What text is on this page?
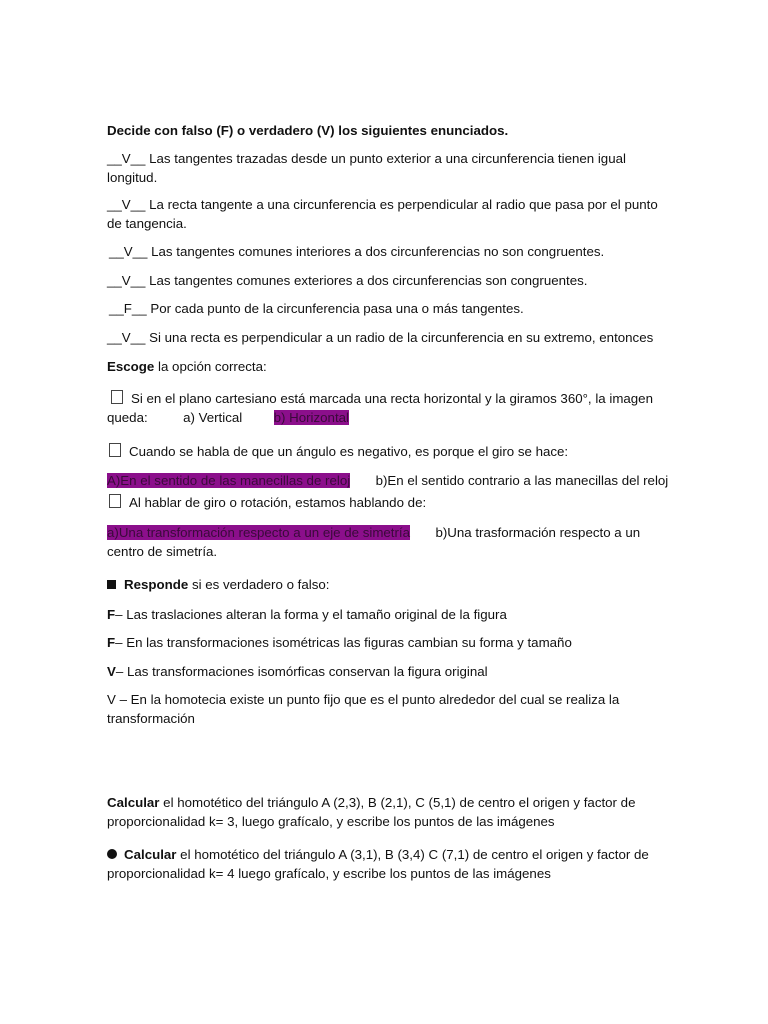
Decide con falso (F) o verdadero (V) los siguientes enunciados.
__V__ Las tangentes trazadas desde un punto exterior a una circunferencia tienen igual
longitud.
__V__ La recta tangente a una circunferencia es perpendicular al radio que pasa por el punto
de tangencia.
__V__ Las tangentes comunes interiores a dos circunferencias no son congruentes.
__V__ Las tangentes comunes exteriores a dos circunferencias son congruentes.
__F__ Por cada punto de la circunferencia pasa una o más tangentes.
__V__ Si una recta es perpendicular a un radio de la circunferencia en su extremo, entonces
Escoge la opción correcta:
Si en el plano cartesiano está marcada una recta horizontal y la giramos 360°, la imagen
queda:	a) Vertical b) Horizontal
Cuando se habla de que un ángulo es negativo, es porque el giro se hace:
A)En el sentido de las manecillas de reloj b)En el sentido contrario a las manecillas del reloj
Al hablar de giro o rotación, estamos hablando de:
a)Una transformación respecto a un eje de simetría b)Una trasformación respecto a un
centro de simetría.
Responde si es verdadero o falso:
F– Las traslaciones alteran la forma y el tamaño original de la figura
F– En las transformaciones isométricas las figuras cambian su forma y tamaño
V– Las transformaciones isomórficas conservan la figura original
V – En la homotecia existe un punto fijo que es el punto alrededor del cual se realiza la
transformación
Calcular el homotético del triángulo A (2,3), B (2,1), C (5,1) de centro el origen y factor de
proporcionalidad k= 3, luego grafícalo, y escribe los puntos de las imágenes
Calcular el homotético del triángulo A (3,1), B (3,4) C (7,1) de centro el origen y factor de
proporcionalidad k= 4 luego grafícalo, y escribe los puntos de las imágenes
